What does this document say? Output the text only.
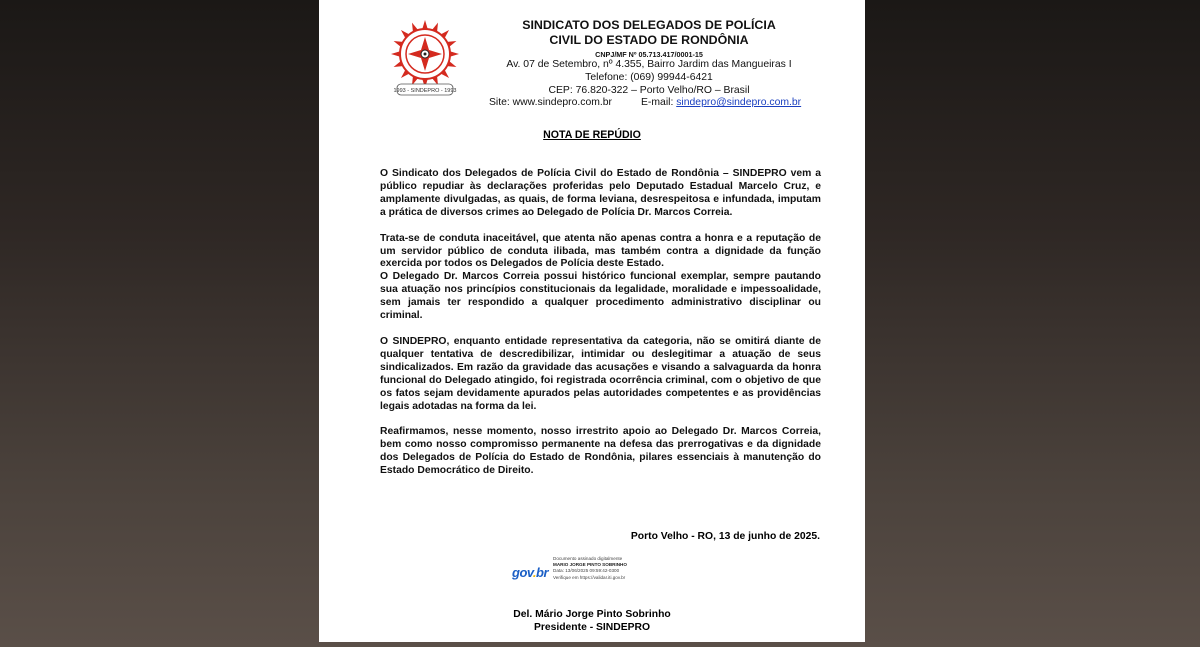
1993 - SINDEPRO - 1993
SINDICATO DOS DELEGADOS DE POLÍCIA
CIVIL DO ESTADO DE RONDÔNIA
CNPJ/MF Nº 05.713.417/0001-15
Av. 07 de Setembro, nº 4.355, Bairro Jardim das Mangueiras I
Telefone: (069) 99944-6421
CEP: 76.820-322 – Porto Velho/RO – Brasil
Site: www.sindepro.com.br	E-mail: sindepro@sindepro.com.br
NOTA DE REPÚDIO

O Sindicato dos Delegados de Polícia Civil do Estado de Rondônia – SINDEPRO vem a público repudiar às declarações proferidas pelo Deputado Estadual Marcelo Cruz, e amplamente divulgadas, as quais, de forma leviana, desrespeitosa e infundada, imputam a prática de diversos crimes ao Delegado de Polícia Dr. Marcos Correia.

Trata-se de conduta inaceitável, que atenta não apenas contra a honra e a reputação de um servidor público de conduta ilibada, mas também contra a dignidade da função exercida por todos os Delegados de Polícia deste Estado.

O Delegado Dr. Marcos Correia possui histórico funcional exemplar, sempre pautando sua atuação nos princípios constitucionais da legalidade, moralidade e impessoalidade, sem jamais ter respondido a qualquer procedimento administrativo disciplinar ou criminal.

O SINDEPRO, enquanto entidade representativa da categoria, não se omitirá diante de qualquer tentativa de descredibilizar, intimidar ou deslegitimar a atuação de seus sindicalizados. Em razão da gravidade das acusações e visando a salvaguarda da honra funcional do Delegado atingido, foi registrada ocorrência criminal, com o objetivo de que os fatos sejam devidamente apurados pelas autoridades competentes e as providências legais adotadas na forma da lei.

Reafirmamos, nesse momento, nosso irrestrito apoio ao Delegado Dr. Marcos Correia, bem como nosso compromisso permanente na defesa das prerrogativas e da dignidade dos Delegados de Polícia do Estado de Rondônia, pilares essenciais à manutenção do Estado Democrático de Direito.

Porto Velho - RO, 13 de junho de 2025.
gov.br
Documento assinado digitalmente
MARIO JORGE PINTO SOBRINHO
Data: 13/06/2025 09:59:42-0300
Verifique em https://validar.iti.gov.br
Del. Mário Jorge Pinto Sobrinho
Presidente - SINDEPRO
